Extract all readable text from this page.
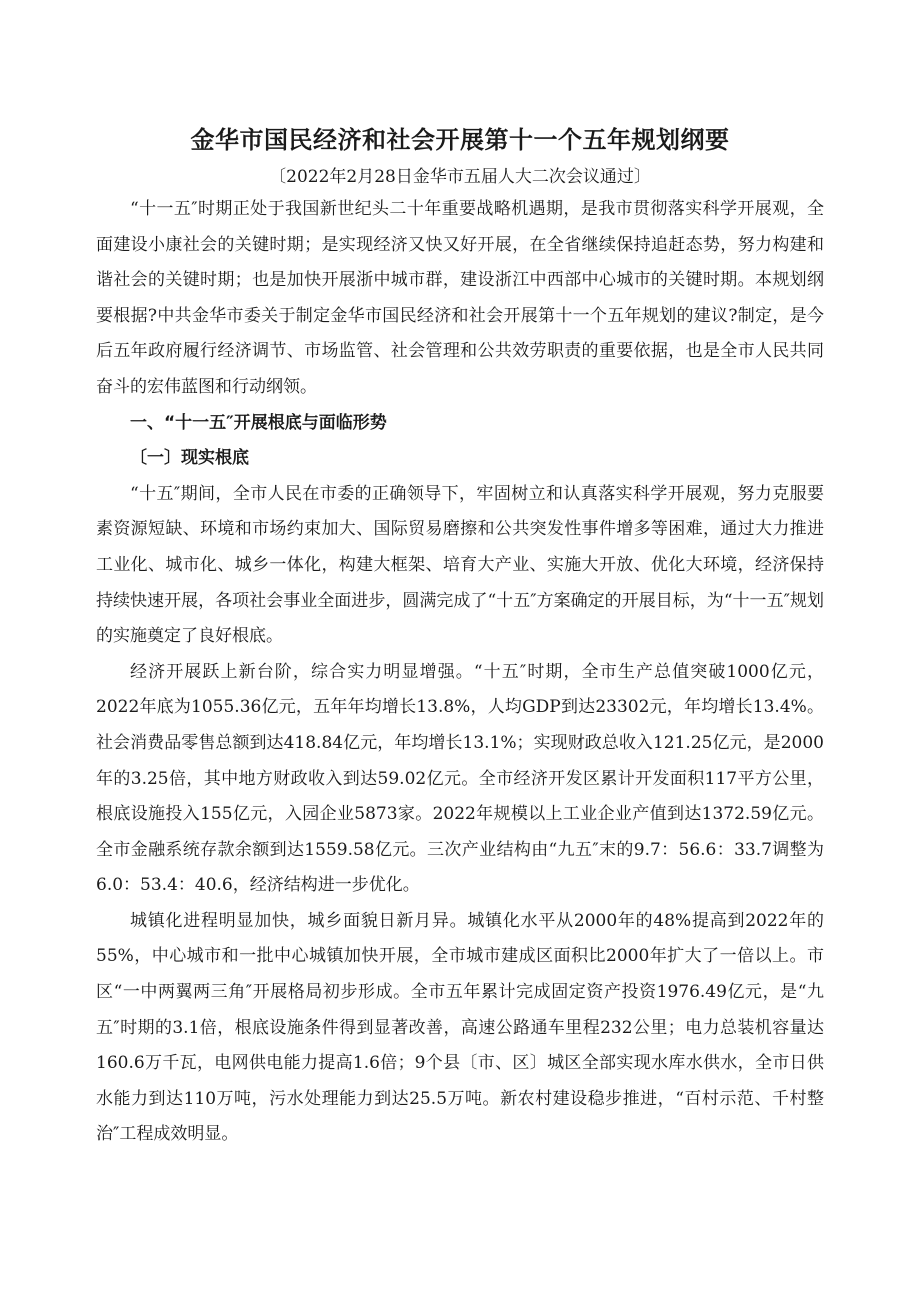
金华市国民经济和社会开展第十一个五年规划纲要
〔2022年2月28日金华市五届人大二次会议通过〕

“十一五″时期正处于我国新世纪头二十年重要战略机遇期，是我市贯彻落实科学开展观，全面建设小康社会的关键时期；是实现经济又快又好开展，在全省继续保持追赶态势，努力构建和谐社会的关键时期；也是加快开展浙中城市群，建设浙江中西部中心城市的关键时期。本规划纲要根据?中共金华市委关于制定金华市国民经济和社会开展第十一个五年规划的建议?制定，是今后五年政府履行经济调节、市场监管、社会管理和公共效劳职责的重要依据，也是全市人民共同奋斗的宏伟蓝图和行动纲领。

一、“十一五″开展根底与面临形势

〔一〕现实根底

“十五″期间，全市人民在市委的正确领导下，牢固树立和认真落实科学开展观，努力克服要素资源短缺、环境和市场约束加大、国际贸易磨擦和公共突发性事件增多等困难，通过大力推进工业化、城市化、城乡一体化，构建大框架、培育大产业、实施大开放、优化大环境，经济保持持续快速开展，各项社会事业全面进步，圆满完成了“十五″方案确定的开展目标，为“十一五″规划的实施奠定了良好根底。

经济开展跃上新台阶，综合实力明显增强。“十五″时期，全市生产总值突破1000亿元，2022年底为1055.36亿元，五年年均增长13.8%，人均GDP到达23302元，年均增长13.4%。社会消费品零售总额到达418.84亿元，年均增长13.1%；实现财政总收入121.25亿元，是2000年的3.25倍，其中地方财政收入到达59.02亿元。全市经济开发区累计开发面积117平方公里，根底设施投入155亿元，入园企业5873家。2022年规模以上工业企业产值到达1372.59亿元。全市金融系统存款余额到达1559.58亿元。三次产业结构由“九五″末的9.7：56.6：33.7调整为6.0：53.4：40.6，经济结构进一步优化。

城镇化进程明显加快，城乡面貌日新月异。城镇化水平从2000年的48%提高到2022年的55%，中心城市和一批中心城镇加快开展，全市城市建成区面积比2000年扩大了一倍以上。市区“一中两翼两三角″开展格局初步形成。全市五年累计完成固定资产投资1976.49亿元，是“九五″时期的3.1倍，根底设施条件得到显著改善，高速公路通车里程232公里；电力总装机容量达160.6万千瓦，电网供电能力提高1.6倍；9个县〔市、区〕城区全部实现水库水供水，全市日供水能力到达110万吨，污水处理能力到达25.5万吨。新农村建设稳步推进，“百村示范、千村整治″工程成效明显。
